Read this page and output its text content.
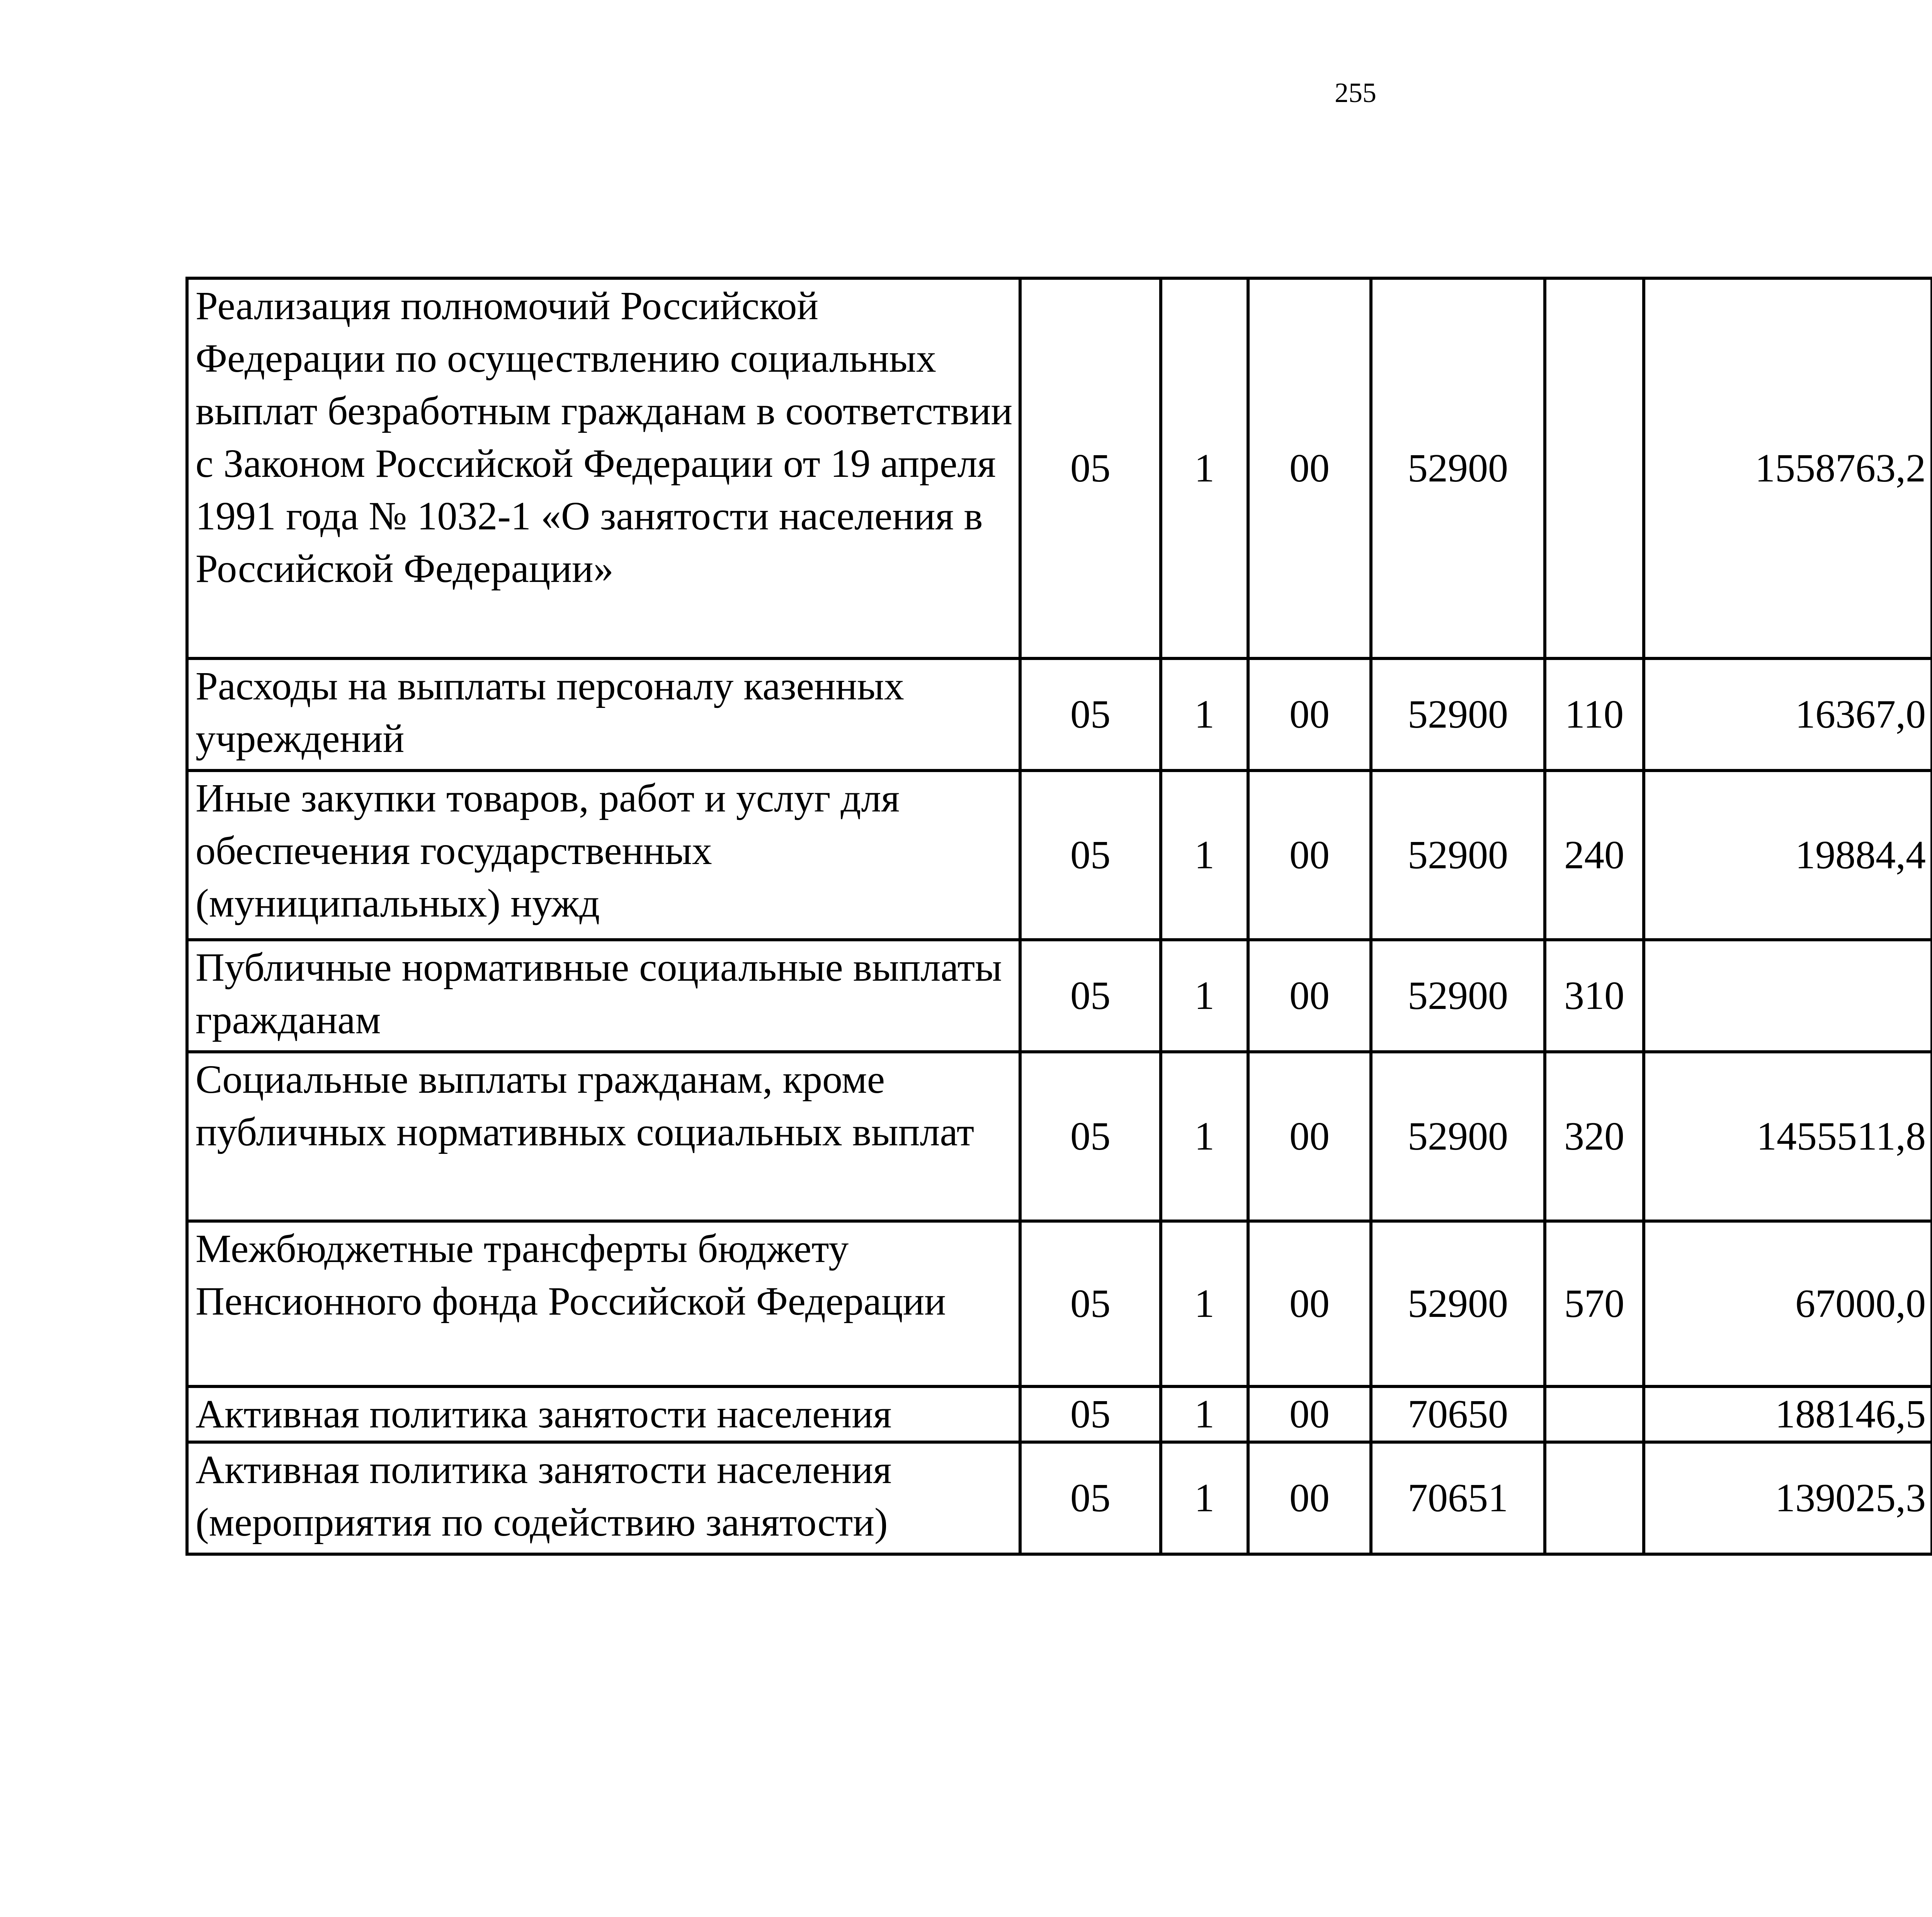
255
Реализация полномочий Российской Федерации по осуществлению социальных выплат безработным гражданам в соответствии с Законом Российской Федерации от 19 апреля 1991 года № 1032-1 «О занятости населения в Российской Федерации»	05	1	00	52900		1558763,2		
Расходы на выплаты персоналу казенных учреждений	05	1	00	52900	110	16367,0		
Иные закупки товаров, работ и услуг для обеспечения государственных (муниципальных) нужд	05	1	00	52900	240	19884,4		
Публичные нормативные социальные выплаты гражданам	05	1	00	52900	310			
Социальные выплаты гражданам, кроме публичных нормативных социальных выплат	05	1	00	52900	320	1455511,8		
Межбюджетные трансферты бюджету Пенсионного фонда Российской Федерации	05	1	00	52900	570	67000,0		
Активная политика занятости населения	05	1	00	70650		188146,5		
Активная политика занятости населения (мероприятия по содействию занятости)	05	1	00	70651		139025,3		
